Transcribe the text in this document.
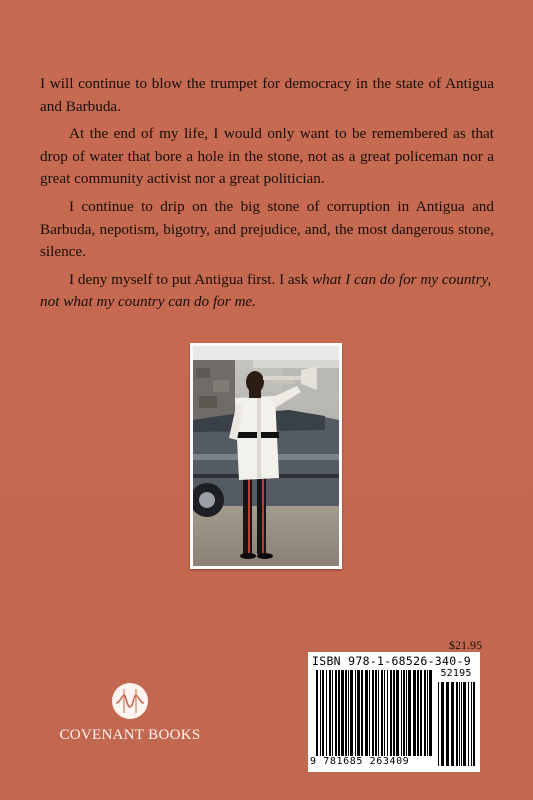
I will continue to blow the trumpet for democracy in the state of Antigua and Barbuda.

At the end of my life, I would only want to be remembered as that drop of water that bore a hole in the stone, not as a great policeman nor a great community activist nor a great politician.

I continue to drip on the big stone of corruption in Antigua and Barbuda, nepotism, bigotry, and prejudice, and, the most dangerous stone, silence.

I deny myself to put Antigua first. I ask what I can do for my country, not what my country can do for me.

$21.95
ISBN 978-1-68526-340-9
52195
9 781685 263409
COVENANT BOOKS
